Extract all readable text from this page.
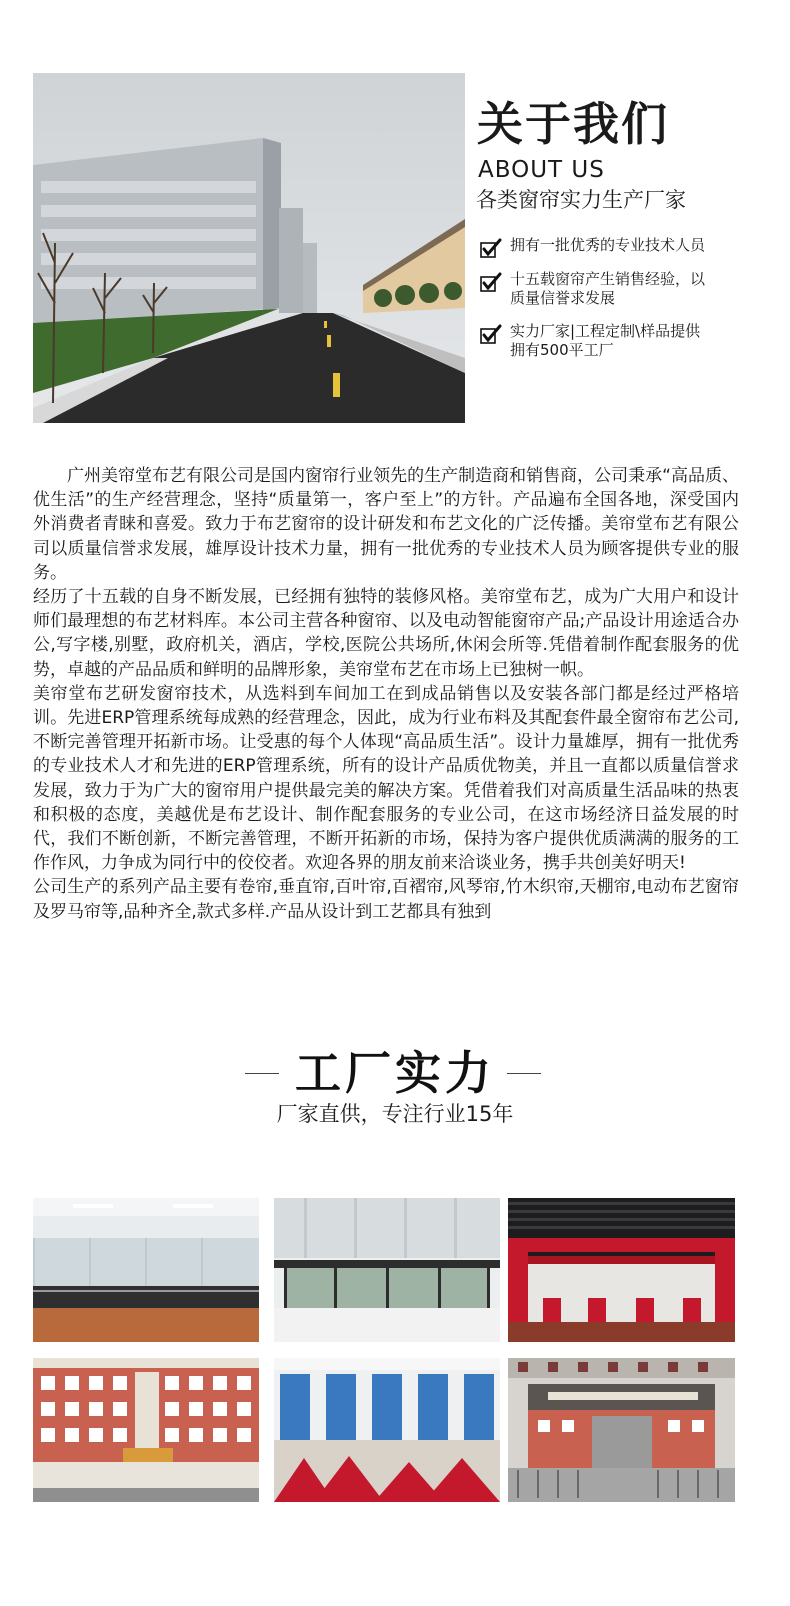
关于我们
ABOUT US
各类窗帘实力生产厂家
拥有一批优秀的专业技术人员
十五载窗帘产生销售经验，以
质量信誉求发展
实力厂家|工程定制\样品提供
拥有500平工厂

广州美帘堂布艺有限公司是国内窗帘行业领先的生产制造商和销售商，公司秉承“高品质、优生活”的生产经营理念，坚持“质量第一，客户至上”的方针。产品遍布全国各地，深受国内外消费者青睐和喜爱。致力于布艺窗帘的设计研发和布艺文化的广泛传播。美帘堂布艺有限公司以质量信誉求发展，雄厚设计技术力量，拥有一批优秀的专业技术人员为顾客提供专业的服务。

经历了十五载的自身不断发展，已经拥有独特的装修风格。美帘堂布艺，成为广大用户和设计师们最理想的布艺材料库。本公司主营各种窗帘、以及电动智能窗帘产品;产品设计用途适合办公,写字楼,别墅，政府机关，酒店，学校,医院公共场所,休闲会所等.凭借着制作配套服务的优势，卓越的产品品质和鲜明的品牌形象，美帘堂布艺在市场上已独树一帜。

美帘堂布艺研发窗帘技术，从选料到车间加工在到成品销售以及安装各部门都是经过严格培训。先进ERP管理系统每成熟的经营理念，因此，成为行业布料及其配套件最全窗帘布艺公司,不断完善管理开拓新市场。让受惠的每个人体现“高品质生活”。设计力量雄厚，拥有一批优秀的专业技术人才和先进的ERP管理系统，所有的设计产品质优物美，并且一直都以质量信誉求发展，致力于为广大的窗帘用户提供最完美的解决方案。凭借着我们对高质量生活品味的热衷和积极的态度，美越优是布艺设计、制作配套服务的专业公司，在这市场经济日益发展的时代，我们不断创新，不断完善管理，不断开拓新的市场，保持为客户提供优质满满的服务的工作作风，力争成为同行中的佼佼者。欢迎各界的朋友前来洽谈业务，携手共创美好明天!

公司生产的系列产品主要有卷帘,垂直帘,百叶帘,百褶帘,风琴帘,竹木织帘,天棚帘,电动布艺窗帘及罗马帘等,品种齐全,款式多样.产品从设计到工艺都具有独到

工厂实力
厂家直供，专注行业15年
